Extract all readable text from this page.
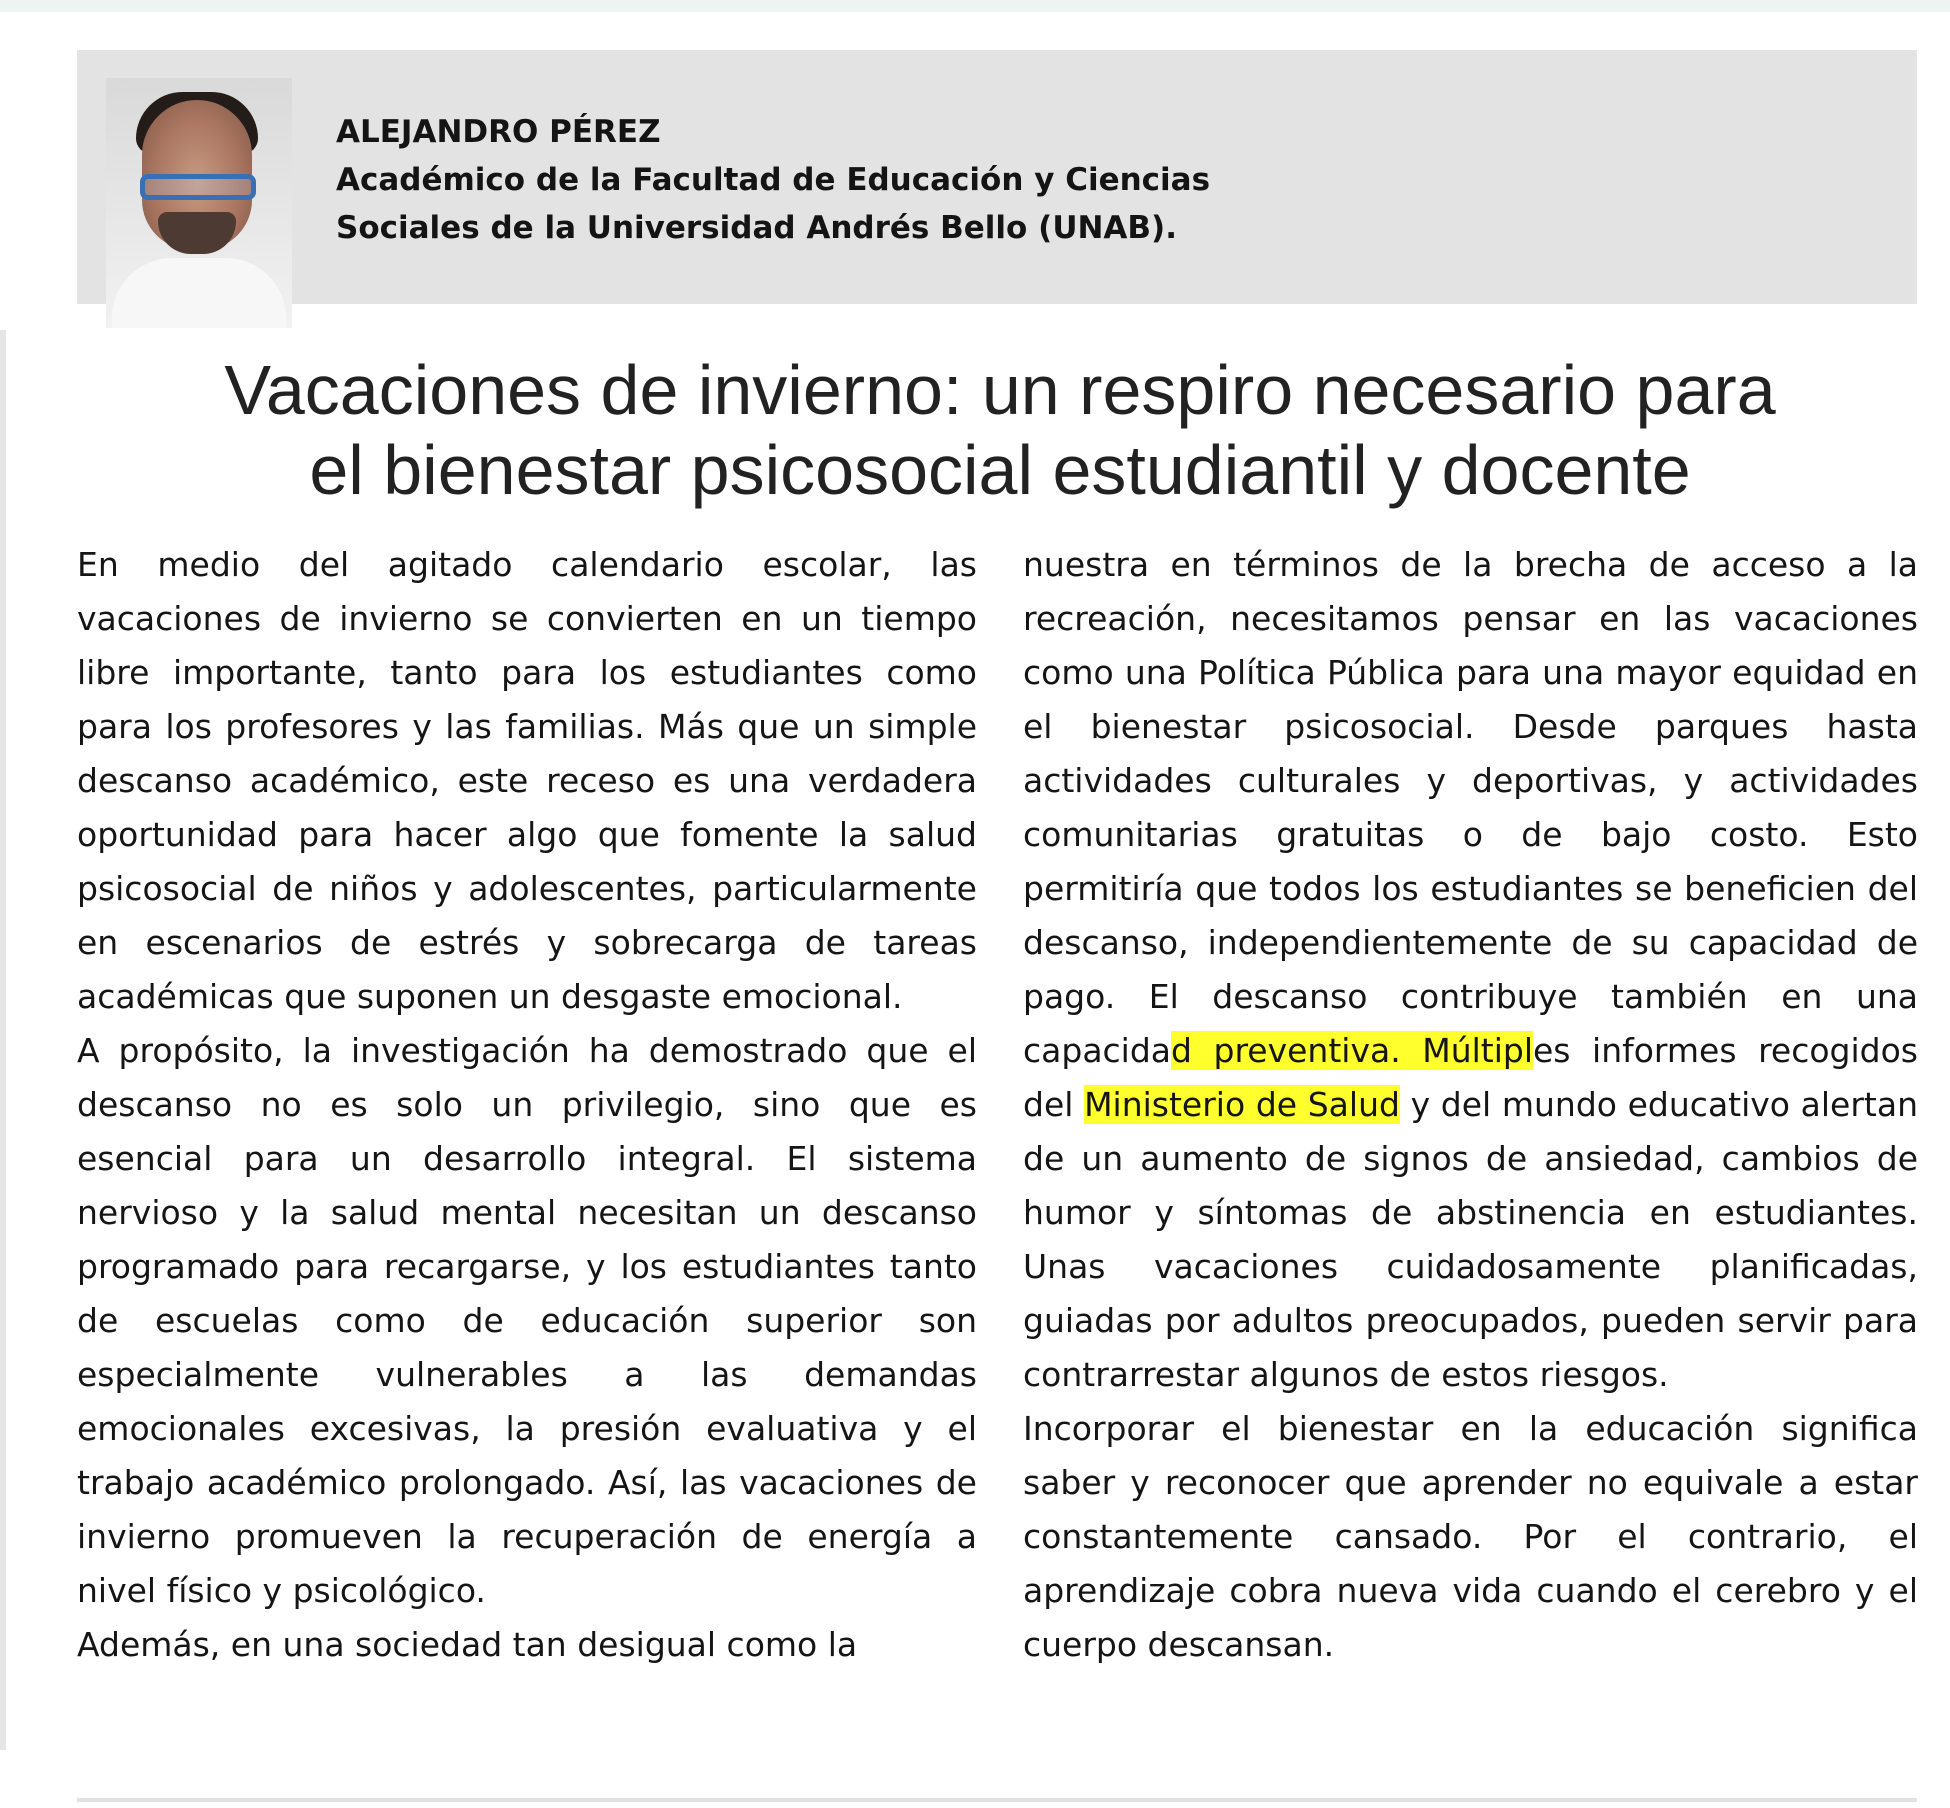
ALEJANDRO PÉREZ
Académico de la Facultad de Educación y Ciencias
Sociales de la Universidad Andrés Bello (UNAB).
Vacaciones de invierno: un respiro necesario para
el bienestar psicosocial estudiantil y docente

En medio del agitado calendario escolar, las vacaciones de invierno se convierten en un tiempo libre importante, tanto para los estudiantes como para los profesores y las familias. Más que un simple descanso académico, este receso es una verdadera oportunidad para hacer algo que fomente la salud psicosocial de niños y adolescentes, particularmente en escenarios de estrés y sobrecarga de tareas académicas que suponen un desgaste emocional.

A propósito, la investigación ha demostrado que el descanso no es solo un privilegio, sino que es esencial para un desarrollo integral. El sistema nervioso y la salud mental necesitan un descanso programado para recargarse, y los estudiantes tanto de escuelas como de educación superior son especialmente vulnerables a las demandas emocionales excesivas, la presión evaluativa y el trabajo académico prolongado. Así, las vacaciones de invierno promueven la recuperación de energía a nivel físico y psicológico.

Además, en una sociedad tan desigual como la

nuestra en términos de la brecha de acceso a la recreación, necesitamos pensar en las vacaciones como una Política Pública para una mayor equidad en el bienestar psicosocial. Desde parques hasta actividades culturales y deportivas, y actividades comunitarias gratuitas o de bajo costo. Esto permitiría que todos los estudiantes se beneficien del descanso, independientemente de su capacidad de pago. El descanso contribuye también en una capacidad preventiva. Múltiples informes recogidos del Ministerio de Salud y del mundo educativo alertan de un aumento de signos de ansiedad, cambios de humor y síntomas de abstinencia en estudiantes. Unas vacaciones cuidadosamente planificadas, guiadas por adultos preocupados, pueden servir para contrarrestar algunos de estos riesgos.

Incorporar el bienestar en la educación significa saber y reconocer que aprender no equivale a estar constantemente cansado. Por el contrario, el aprendizaje cobra nueva vida cuando el cerebro y el cuerpo descansan.
